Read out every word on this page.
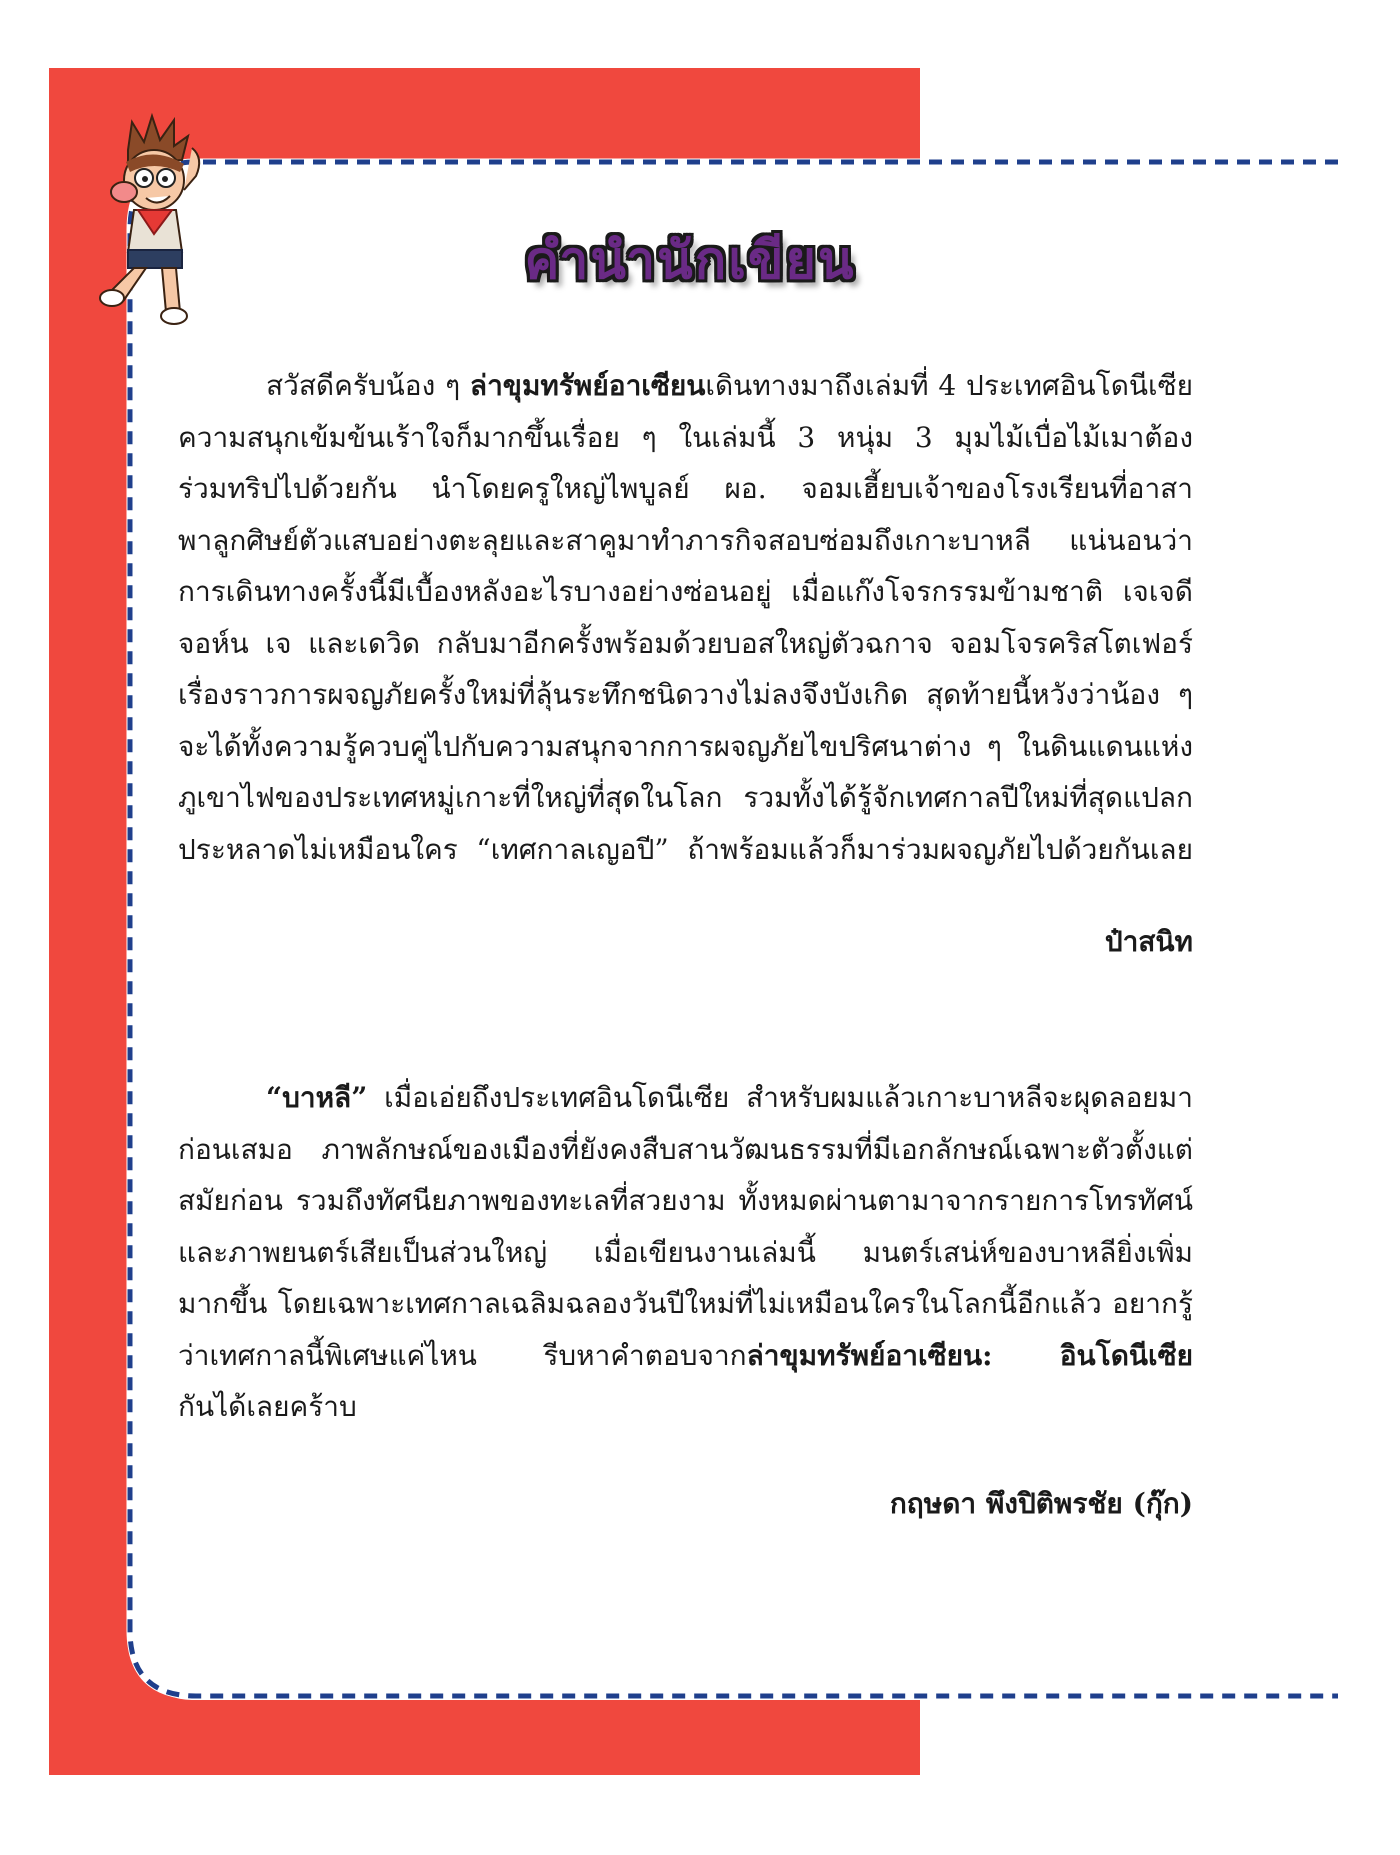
คำนำนักเขียน

สวัสดีครับน้อง ๆ ล่าขุมทรัพย์อาเซียนเดินทางมาถึงเล่มที่ 4 ประเทศอินโดนีเซีย
ความสนุกเข้มข้นเร้าใจก็มากขึ้นเรื่อย ๆ ในเล่มนี้ 3 หนุ่ม 3 มุมไม้เบื่อไม้เมาต้อง
ร่วมทริปไปด้วยกัน นำโดยครูใหญ่ไพบูลย์ ผอ. จอมเฮี้ยบเจ้าของโรงเรียนที่อาสา
พาลูกศิษย์ตัวแสบอย่างตะลุยและสาคูมาทำภารกิจสอบซ่อมถึงเกาะบาหลี แน่นอนว่า
การเดินทางครั้งนี้มีเบื้องหลังอะไรบางอย่างซ่อนอยู่ เมื่อแก๊งโจรกรรมข้ามชาติ เจเจดี
จอห์น เจ และเดวิด กลับมาอีกครั้งพร้อมด้วยบอสใหญ่ตัวฉกาจ จอมโจรคริสโตเฟอร์
เรื่องราวการผจญภัยครั้งใหม่ที่ลุ้นระทึกชนิดวางไม่ลงจึงบังเกิด สุดท้ายนี้หวังว่าน้อง ๆ
จะได้ทั้งความรู้ควบคู่ไปกับความสนุกจากการผจญภัยไขปริศนาต่าง ๆ ในดินแดนแห่ง
ภูเขาไฟของประเทศหมู่เกาะที่ใหญ่ที่สุดในโลก รวมทั้งได้รู้จักเทศกาลปีใหม่ที่สุดแปลก
ประหลาดไม่เหมือนใคร “เทศกาลเญอปี” ถ้าพร้อมแล้วก็มาร่วมผจญภัยไปด้วยกันเลย

ป๋าสนิท

“บาหลี” เมื่อเอ่ยถึงประเทศอินโดนีเซีย สำหรับผมแล้วเกาะบาหลีจะผุดลอยมา
ก่อนเสมอ ภาพลักษณ์ของเมืองที่ยังคงสืบสานวัฒนธรรมที่มีเอกลักษณ์เฉพาะตัวตั้งแต่
สมัยก่อน รวมถึงทัศนียภาพของทะเลที่สวยงาม ทั้งหมดผ่านตามาจากรายการโทรทัศน์
และภาพยนตร์เสียเป็นส่วนใหญ่ เมื่อเขียนงานเล่มนี้ มนตร์เสน่ห์ของบาหลียิ่งเพิ่ม
มากขึ้น โดยเฉพาะเทศกาลเฉลิมฉลองวันปีใหม่ที่ไม่เหมือนใครในโลกนี้อีกแล้ว อยากรู้
ว่าเทศกาลนี้พิเศษแค่ไหน รีบหาคำตอบจากล่าขุมทรัพย์อาเซียน: อินโดนีเซีย
กันได้เลยคร้าบ

กฤษดา พึงปิติพรชัย (กุ๊ก)
